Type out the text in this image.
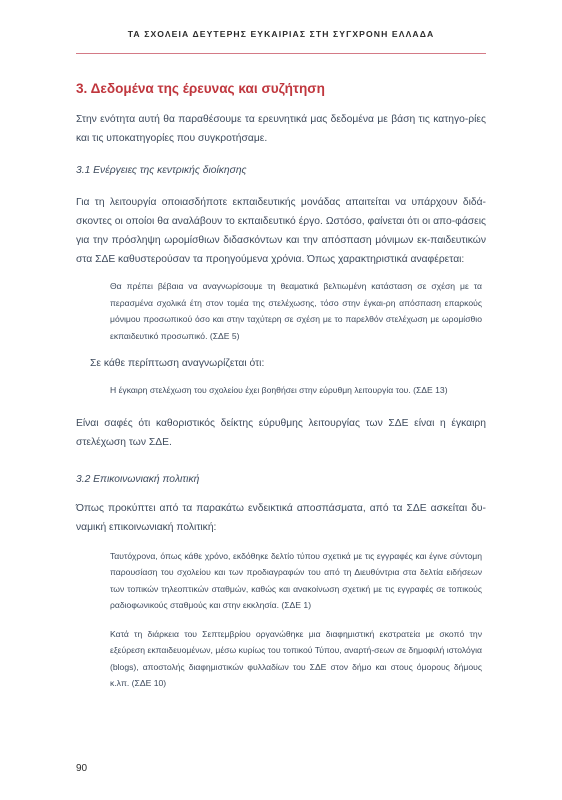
ΤΑ ΣΧΟΛΕΙΑ ΔΕΥΤΕΡΗΣ ΕΥΚΑΙΡΙΑΣ ΣΤΗ ΣΥΓΧΡΟΝΗ ΕΛΛΑΔΑ
3. Δεδομένα της έρευνας και συζήτηση

Στην ενότητα αυτή θα παραθέσουμε τα ερευνητικά μας δεδομένα με βάση τις κατηγο-ρίες και τις υποκατηγορίες που συγκροτήσαμε.

3.1 Ενέργειες της κεντρικής διοίκησης

Για τη λειτουργία οποιασδήποτε εκπαιδευτικής μονάδας απαιτείται να υπάρχουν διδά-σκοντες οι οποίοι θα αναλάβουν το εκπαιδευτικό έργο. Ωστόσο, φαίνεται ότι οι απο-φάσεις για την πρόσληψη ωρομίσθιων διδασκόντων και την απόσπαση μόνιμων εκ-παιδευτικών στα ΣΔΕ καθυστερούσαν τα προηγούμενα χρόνια. Όπως χαρακτηριστικά αναφέρεται:

Θα πρέπει βέβαια να αναγνωρίσουμε τη θεαματικά βελτιωμένη κατάσταση σε σχέση με τα περασμένα σχολικά έτη στον τομέα της στελέχωσης, τόσο στην έγκαι-ρη απόσπαση επαρκούς μόνιμου προσωπικού όσο και στην ταχύτερη σε σχέση με το παρελθόν στελέχωση με ωρομίσθιο εκπαιδευτικό προσωπικό. (ΣΔΕ 5)

Σε κάθε περίπτωση αναγνωρίζεται ότι:

Η έγκαιρη στελέχωση του σχολείου έχει βοηθήσει στην εύρυθμη λειτουργία του. (ΣΔΕ 13)

Είναι σαφές ότι καθοριστικός δείκτης εύρυθμης λειτουργίας των ΣΔΕ είναι η έγκαιρη στελέχωση των ΣΔΕ.

3.2 Επικοινωνιακή πολιτική

Όπως προκύπτει από τα παρακάτω ενδεικτικά αποσπάσματα, από τα ΣΔΕ ασκείται δυ-ναμική επικοινωνιακή πολιτική:

Ταυτόχρονα, όπως κάθε χρόνο, εκδόθηκε δελτίο τύπου σχετικά με τις εγγραφές και έγινε σύντομη παρουσίαση του σχολείου και των προδιαγραφών του από τη Διευθύντρια στα δελτία ειδήσεων των τοπικών τηλεοπτικών σταθμών, καθώς και ανακοίνωση σχετική με τις εγγραφές σε τοπικούς ραδιοφωνικούς σταθμούς και στην εκκλησία. (ΣΔΕ 1)

Κατά τη διάρκεια του Σεπτεμβρίου οργανώθηκε μια διαφημιστική εκστρατεία με σκοπό την εξεύρεση εκπαιδευομένων, μέσω κυρίως του τοπικού Τύπου, αναρτή-σεων σε δημοφιλή ιστολόγια (blogs), αποστολής διαφημιστικών φυλλαδίων του ΣΔΕ στον δήμο και στους όμορους δήμους κ.λπ. (ΣΔΕ 10)

90
